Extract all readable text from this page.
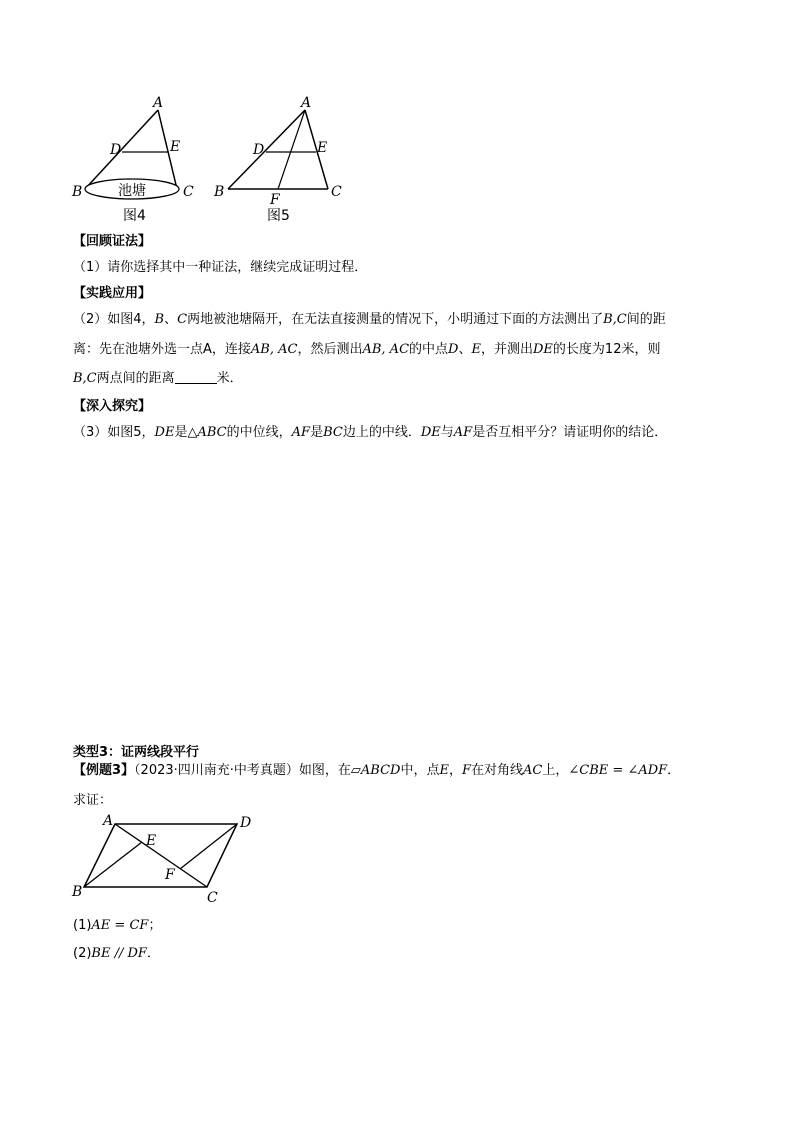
A
D	E
B	C
池塘
图4
A
D	E
B	C
F
图5
【回顾证法】
（1）请你选择其中一种证法，继续完成证明过程．
【实践应用】
（2）如图4，B、C两地被池塘隔开，在无法直接测量的情况下，小明通过下面的方法测出了B,C间的距
离：先在池塘外选一点A，连接AB, AC，然后测出AB, AC的中点D、E，并测出DE的长度为12米，则
B,C两点间的距离	米．
【深入探究】
（3）如图5，DE是△ABC的中位线，AF是BC边上的中线．DE与AF是否互相平分？请证明你的结论．
类型3：证两线段平行
【例题3】（2023·四川南充·中考真题）如图，在▱ABCD中，点E，F在对角线AC上，∠CBE = ∠ADF．
求证：
A	D
E
F
B	C
(1)AE = CF；
(2)BE // DF．
